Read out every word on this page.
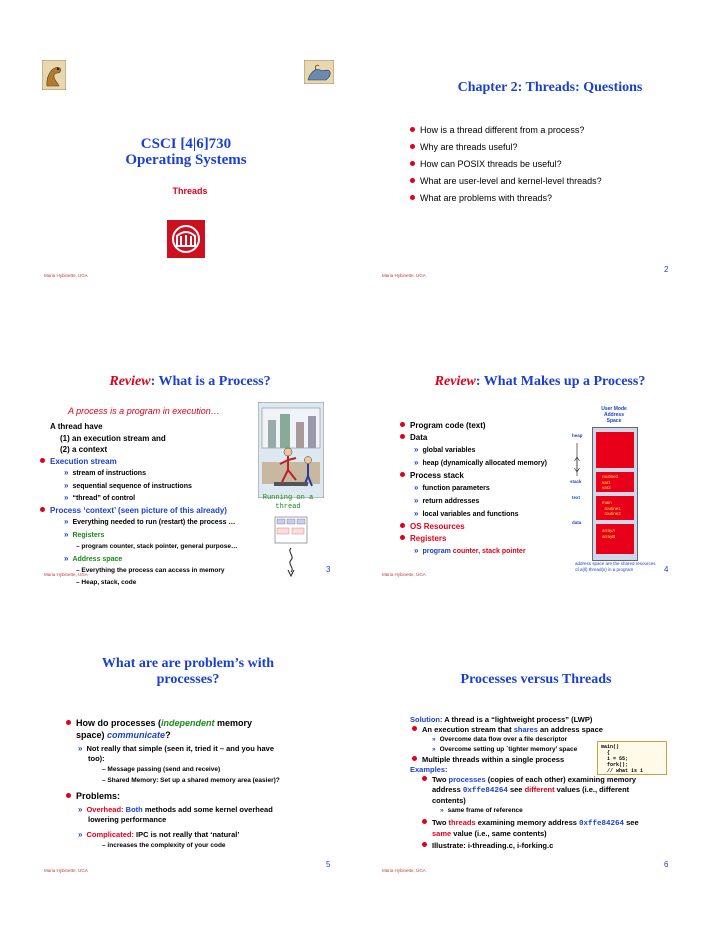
CSCI [4|6]730
Operating Systems
Threads
Maria Hybinette, UGA
Chapter 2: Threads: Questions
How is a thread different from a process?
Why are threads useful?
How can POSIX threads be useful?
What are user-level and kernel-level threads?
What are problems with threads?
2
Maria Hybinette, UGA
Review: What is a Process?
A process is a program in execution…
A thread have
(1) an execution stream and
(2) a context
Execution stream
» stream of instructions
» sequential sequence of instructions
» “thread” of control
Process ‘context’ (seen picture of this already)
» Everything needed to run (restart) the process …
» Registers
– program counter, stack pointer, general purpose…
» Address space
– Everything the process can access in memory
– Heap, stack, code
Running on a
thread
3
Maria Hybinette, UGA
Review: What Makes up a Process?
Program code (text)
Data
» global variables
» heap (dynamically allocated memory)
Process stack
» function parameters
» return addresses
» local variables and functions
OS Resources
Registers
» program counter, stack pointer
User Mode
Address
Space
routine1
var1
var2
main
routine1
routine2
arrayA
arrayB
heap
stack
text
data
address space are the shared resources
of a(ll) thread(s) in a program	4
Maria Hybinette, UGA
What are are problem’s with
processes?
How do processes (independent memory
space) communicate?
» Not really that simple (seen it, tried it – and you have
too):
– Message passing (send and receive)
– Shared Memory: Set up a shared memory area (easier)?
Problems:
» Overhead: Both methods add some kernel overhead
lowering performance
» Complicated: IPC is not really that ‘natural’
– increases the complexity of your code
5
Maria Hybinette, UGA
Processes versus Threads
Solution: A thread is a “lightweight process” (LWP)
An execution stream that shares an address space
» Overcome data flow over a file descriptor
» Overcome setting up `tighter memory’ space
Multiple threads within a single process
Examples:
Two processes (copies of each other) examining memory
address 0xffe84264 see different values (i.e., different
contents)
» same frame of reference
Two threads examining memory address 0xffe84264 see
same value (i.e., same contents)
Illustrate: i-threading.c, i-forking.c
main()
{
i = 55;
fork();
// what is i
6
Maria Hybinette, UGA
